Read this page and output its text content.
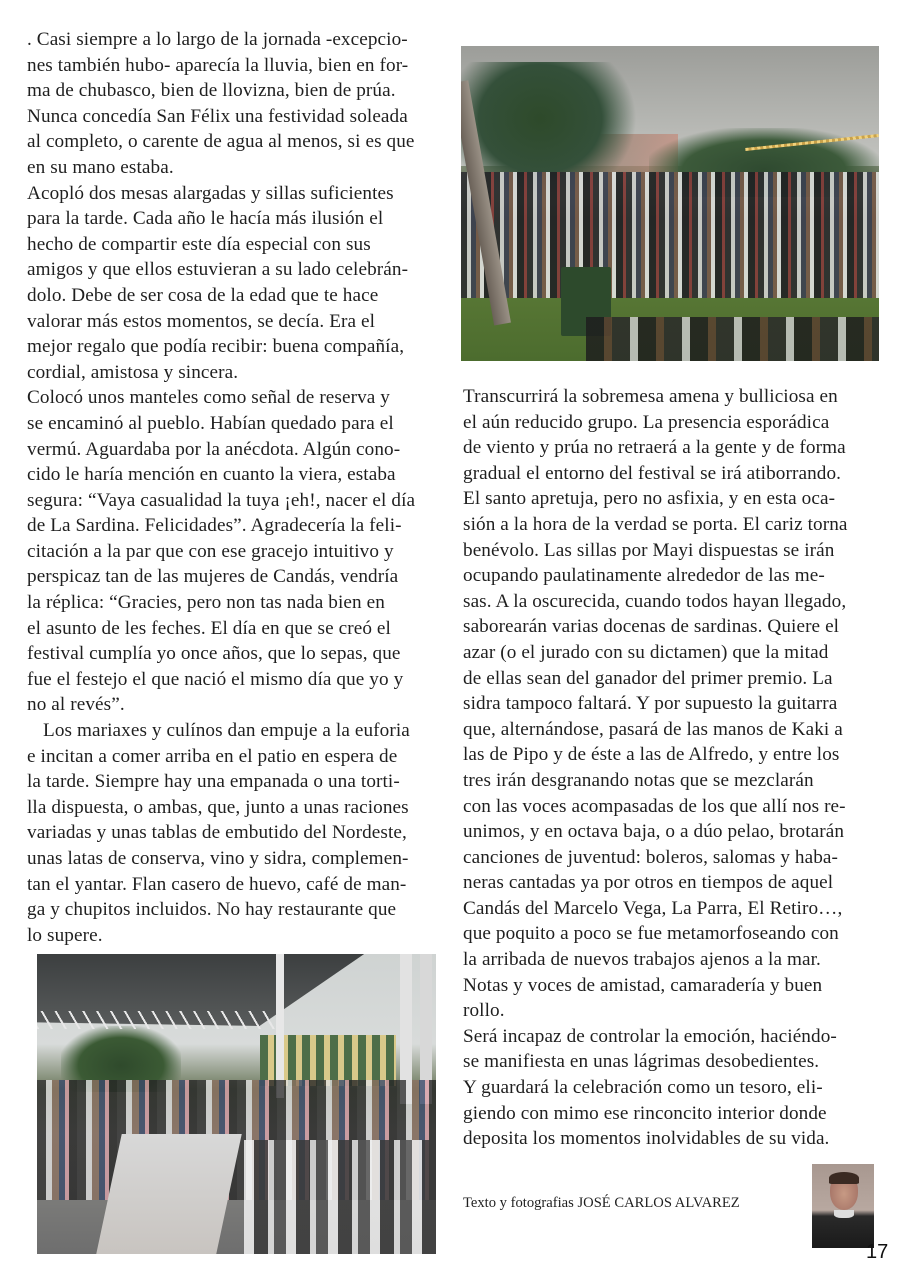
. Casi siempre a lo largo de la jornada -excepcio-
nes también hubo- aparecía la lluvia, bien en for-
ma de chubasco, bien de llovizna, bien de prúa.
Nunca concedía San Félix una festividad soleada
al completo, o carente de agua al menos, si es que
en su mano estaba.

Acopló dos mesas alargadas y sillas suficientes
para la tarde. Cada año le hacía más ilusión el
hecho de compartir este día especial con sus
amigos y que ellos estuvieran a su lado celebrán-
dolo. Debe de ser cosa de la edad que te hace
valorar más estos momentos, se decía. Era el
mejor regalo que podía recibir: buena compañía,
cordial, amistosa y sincera.

Colocó unos manteles como señal de reserva y
se encaminó al pueblo. Habían quedado para el
vermú. Aguardaba por la anécdota. Algún cono-
cido le haría mención en cuanto la viera, estaba
segura: “Vaya casualidad la tuya ¡eh!, nacer el día
de La Sardina. Felicidades”. Agradecería la feli-
citación a la par que con ese gracejo intuitivo y
perspicaz tan de las mujeres de Candás, vendría
la réplica: “Gracies, pero non tas nada bien en
el asunto de les feches. El día en que se creó el
festival cumplía yo once años, que lo sepas, que
fue el festejo el que nació el mismo día que yo y
no al revés”.

Los mariaxes y culínos dan empuje a la euforia
e incitan a comer arriba en el patio en espera de
la tarde. Siempre hay una empanada o una torti-
lla dispuesta, o ambas, que, junto a unas raciones
variadas y unas tablas de embutido del Nordeste,
unas latas de conserva, vino y sidra, complemen-
tan el yantar. Flan casero de huevo, café de man-
ga y chupitos incluidos. No hay restaurante que
lo supere.

Transcurrirá la sobremesa amena y bulliciosa en
el aún reducido grupo. La presencia esporádica
de viento y prúa no retraerá a la gente y de forma
gradual el entorno del festival se irá atiborrando.
El santo apretuja, pero no asfixia, y en esta oca-
sión a la hora de la verdad se porta. El cariz torna
benévolo. Las sillas por Mayi dispuestas se irán
ocupando paulatinamente alrededor de las me-
sas. A la oscurecida, cuando todos hayan llegado,
saborearán varias docenas de sardinas. Quiere el
azar (o el jurado con su dictamen) que la mitad
de ellas sean del ganador del primer premio. La
sidra tampoco faltará. Y por supuesto la guitarra
que, alternándose, pasará de las manos de Kaki a
las de Pipo y de éste a las de Alfredo, y entre los
tres irán desgranando notas que se mezclarán
con las voces acompasadas de los que allí nos re-
unimos, y en octava baja, o a dúo pelao, brotarán
canciones de juventud: boleros, salomas y haba-
neras cantadas ya por otros en tiempos de aquel
Candás del Marcelo Vega, La Parra, El Retiro…,
que poquito a poco se fue metamorfoseando con
la arribada de nuevos trabajos ajenos a la mar.
Notas y voces de amistad, camaradería y buen
rollo.

Será incapaz de controlar la emoción, haciéndo-
se manifiesta en unas lágrimas desobedientes.

Y guardará la celebración como un tesoro, eli-
giendo con mimo ese rinconcito interior donde
deposita los momentos inolvidables de su vida.

Texto y fotografias JOSÉ CARLOS ALVAREZ
17
